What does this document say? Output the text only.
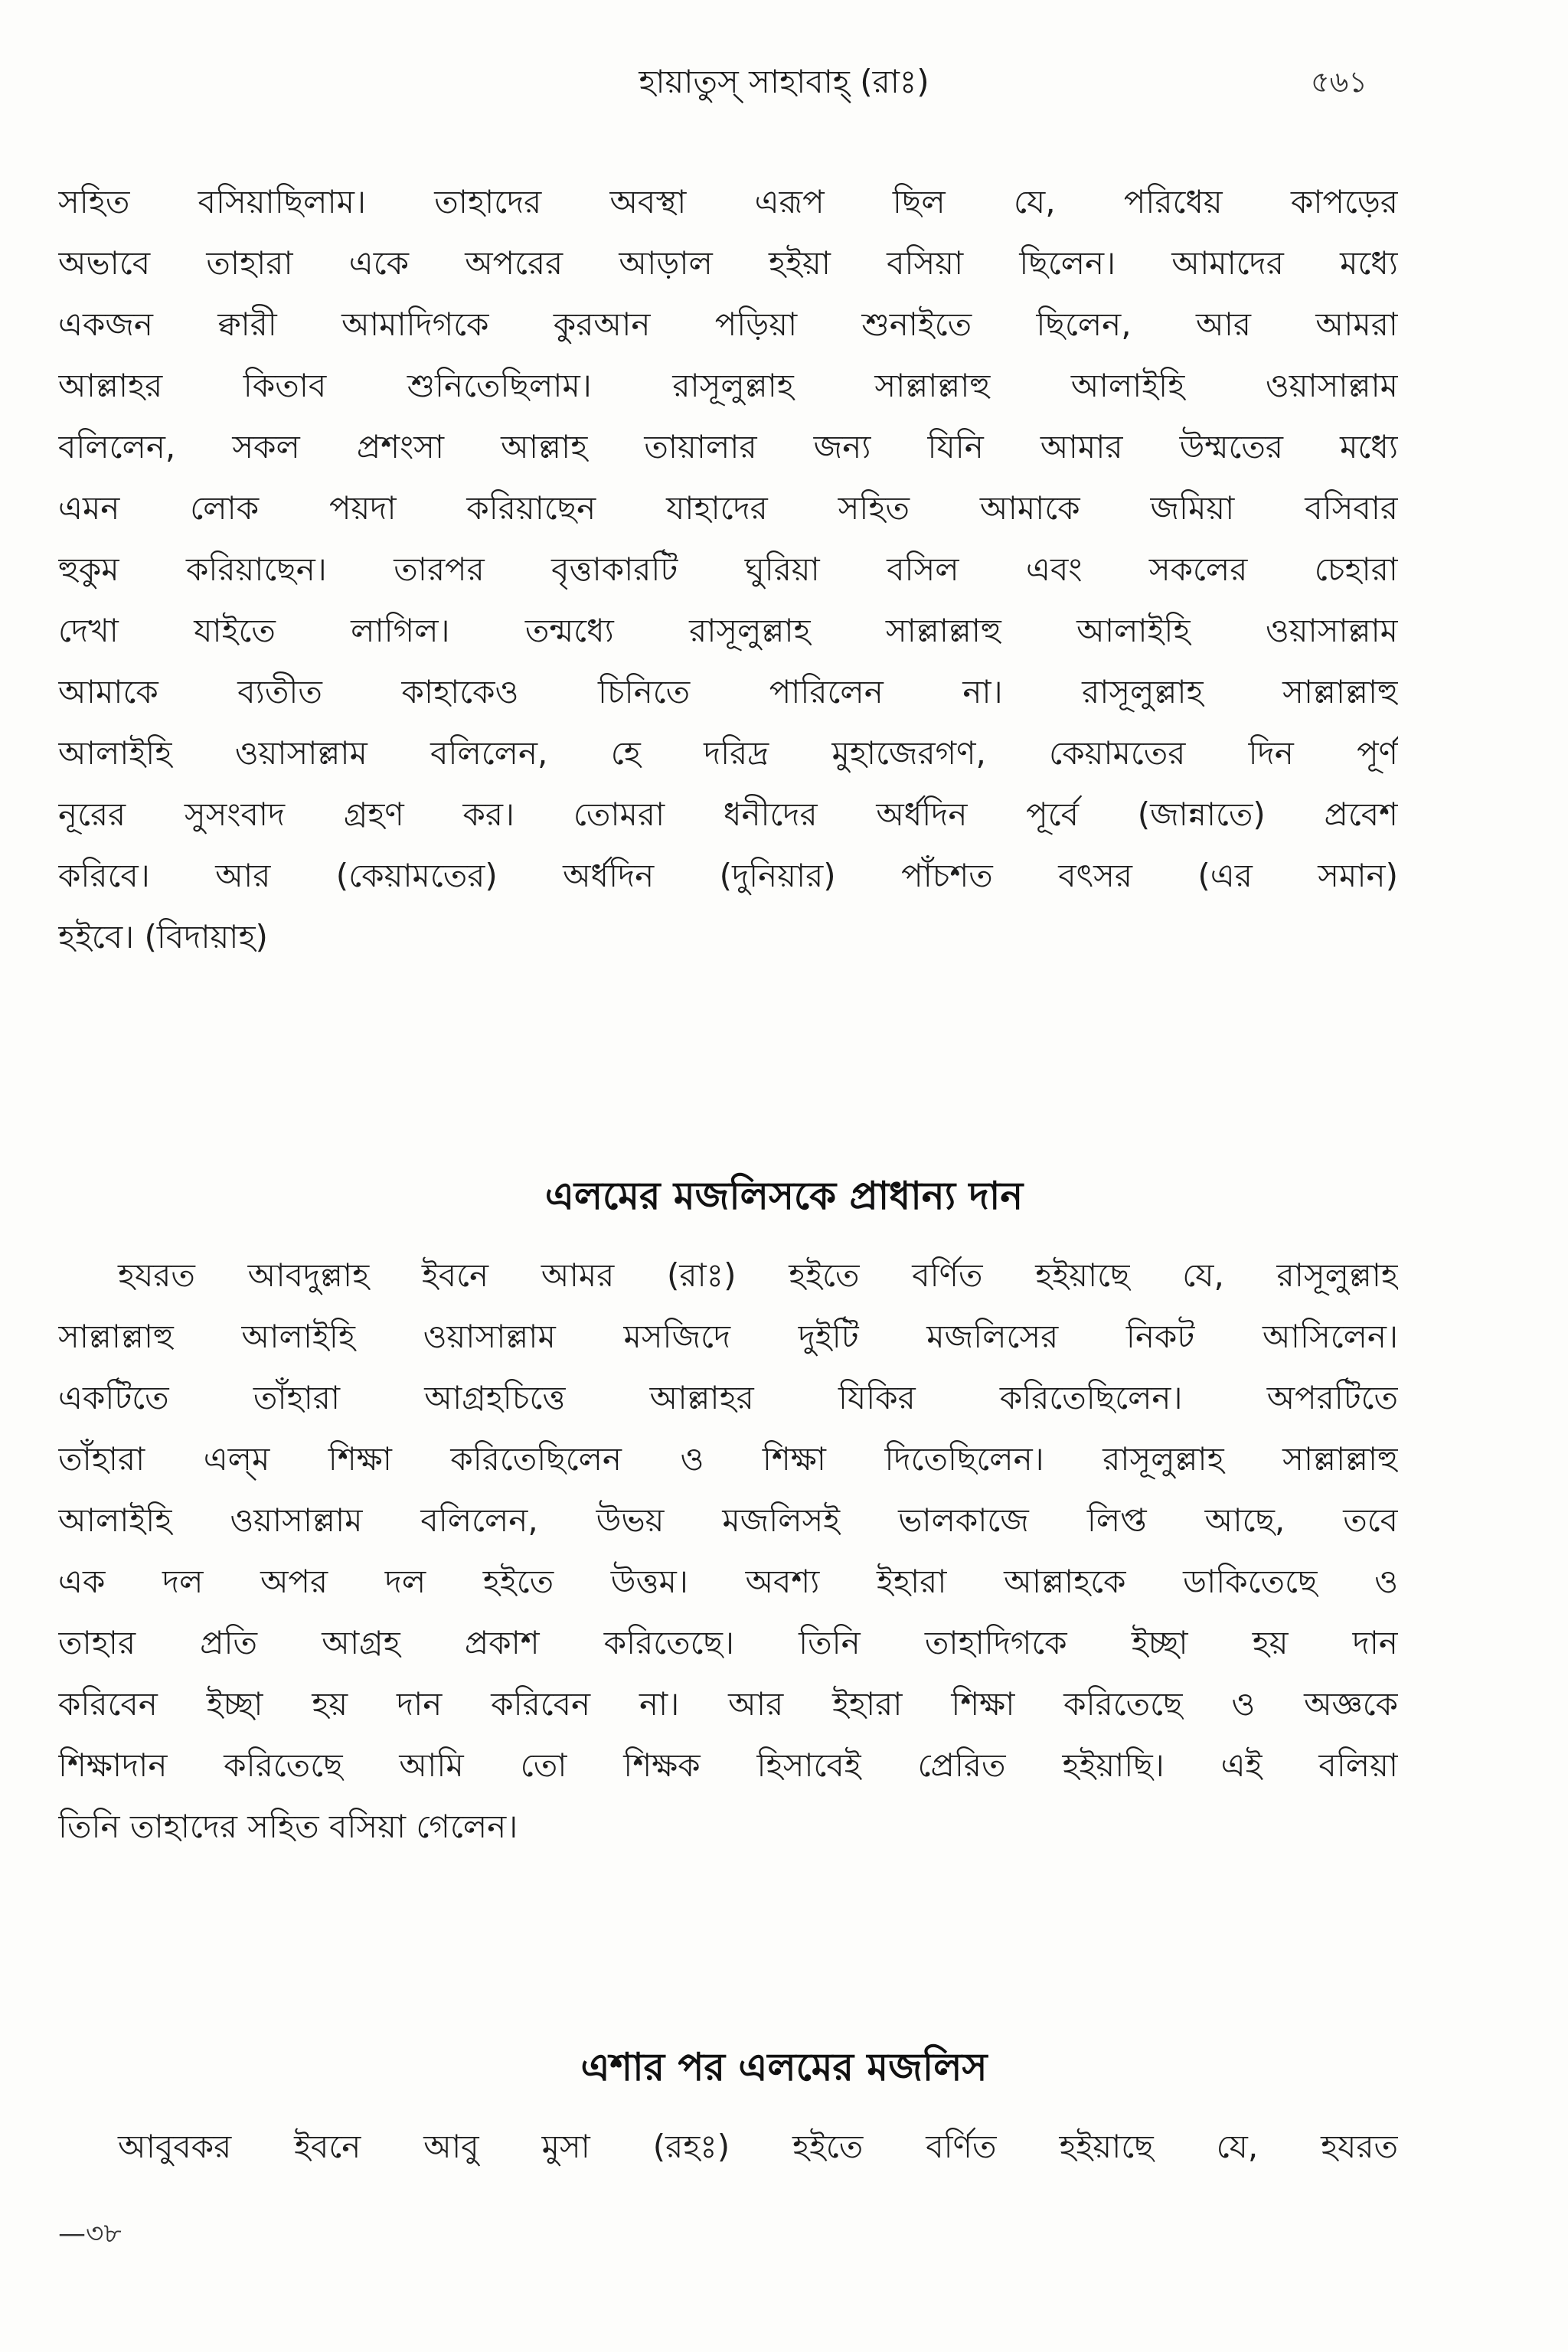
হায়াতুস্ সাহাবাহ্ (রাঃ)	৫৬১
সহিত বসিয়াছিলাম। তাহাদের অবস্থা এরূপ ছিল যে, পরিধেয় কাপড়ের
অভাবে তাহারা একে অপরের আড়াল হইয়া বসিয়া ছিলেন। আমাদের মধ্যে
একজন ক্বারী আমাদিগকে কুরআন পড়িয়া শুনাইতে ছিলেন, আর আমরা
আল্লাহর কিতাব শুনিতেছিলাম। রাসূলুল্লাহ সাল্লাল্লাহু আলাইহি ওয়াসাল্লাম
বলিলেন, সকল প্রশংসা আল্লাহ তায়ালার জন্য যিনি আমার উম্মতের মধ্যে
এমন লোক পয়দা করিয়াছেন যাহাদের সহিত আমাকে জমিয়া বসিবার
হুকুম করিয়াছেন। তারপর বৃত্তাকারটি ঘুরিয়া বসিল এবং সকলের চেহারা
দেখা যাইতে লাগিল। তন্মধ্যে রাসূলুল্লাহ সাল্লাল্লাহু আলাইহি ওয়াসাল্লাম
আমাকে ব্যতীত কাহাকেও চিনিতে পারিলেন না। রাসূলুল্লাহ সাল্লাল্লাহু
আলাইহি ওয়াসাল্লাম বলিলেন, হে দরিদ্র মুহাজেরগণ, কেয়ামতের দিন পূর্ণ
নূরের সুসংবাদ গ্রহণ কর। তোমরা ধনীদের অর্ধদিন পূর্বে (জান্নাতে) প্রবেশ
করিবে। আর (কেয়ামতের) অর্ধদিন (দুনিয়ার) পাঁচশত বৎসর (এর সমান)
হইবে। (বিদায়াহ)
এলমের মজলিসকে প্রাধান্য দান
হযরত আবদুল্লাহ ইবনে আমর (রাঃ) হইতে বর্ণিত হইয়াছে যে, রাসূলুল্লাহ
সাল্লাল্লাহু আলাইহি ওয়াসাল্লাম মসজিদে দুইটি মজলিসের নিকট আসিলেন।
একটিতে তাঁহারা আগ্রহচিত্তে আল্লাহর যিকির করিতেছিলেন। অপরটিতে
তাঁহারা এল্‌ম শিক্ষা করিতেছিলেন ও শিক্ষা দিতেছিলেন। রাসূলুল্লাহ সাল্লাল্লাহু
আলাইহি ওয়াসাল্লাম বলিলেন, উভয় মজলিসই ভালকাজে লিপ্ত আছে, তবে
এক দল অপর দল হইতে উত্তম। অবশ্য ইহারা আল্লাহকে ডাকিতেছে ও
তাহার প্রতি আগ্রহ প্রকাশ করিতেছে। তিনি তাহাদিগকে ইচ্ছা হয় দান
করিবেন ইচ্ছা হয় দান করিবেন না। আর ইহারা শিক্ষা করিতেছে ও অজ্ঞকে
শিক্ষাদান করিতেছে আমি তো শিক্ষক হিসাবেই প্রেরিত হইয়াছি। এই বলিয়া
তিনি তাহাদের সহিত বসিয়া গেলেন।
এশার পর এলমের মজলিস
আবুবকর ইবনে আবু মুসা (রহঃ) হইতে বর্ণিত হইয়াছে যে, হযরত
—৩৮
